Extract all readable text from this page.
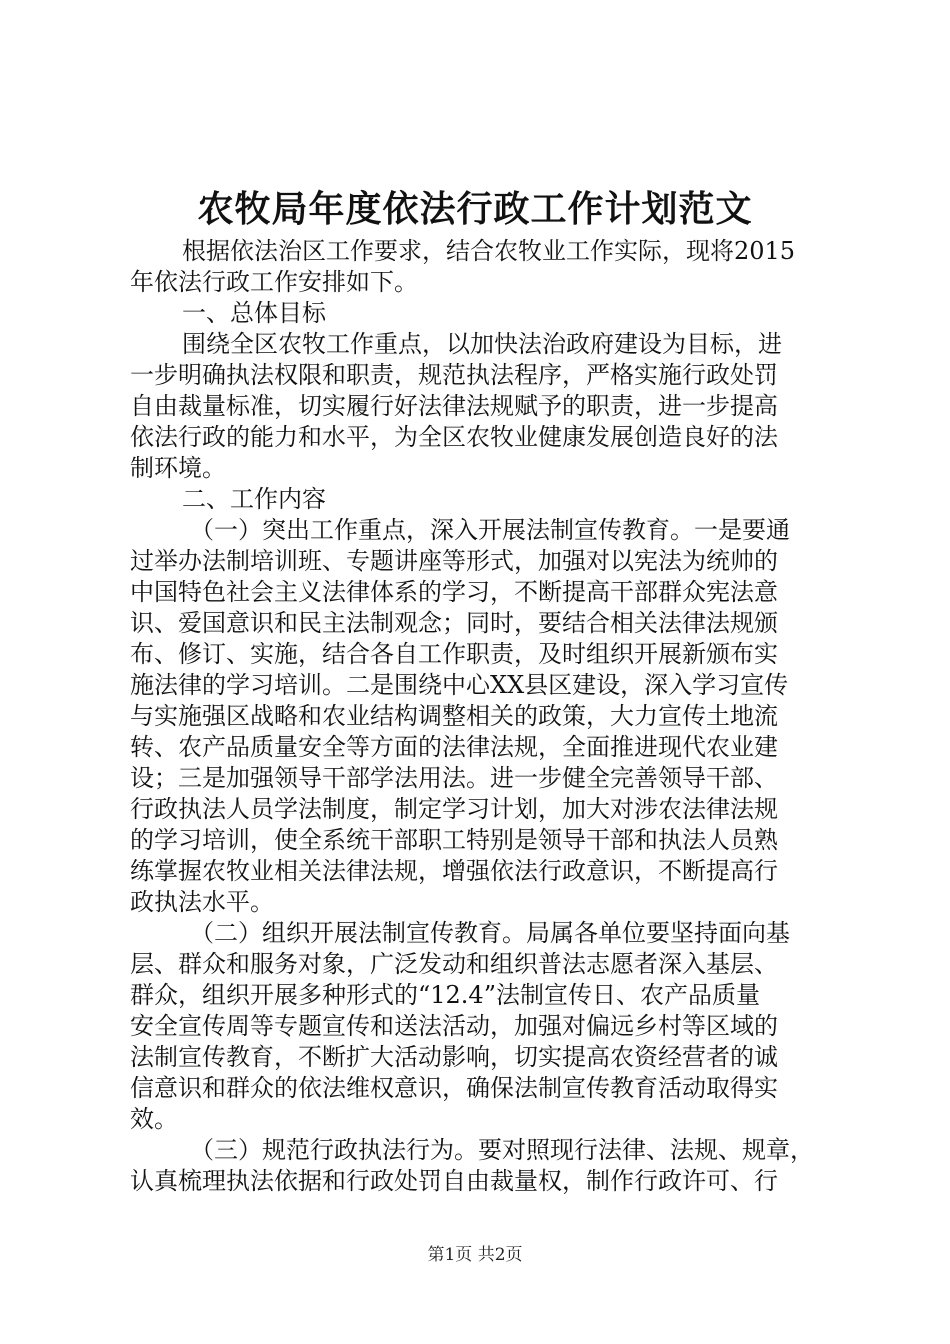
农牧局年度依法行政工作计划范文
根据依法治区工作要求，结合农牧业工作实际，现将2015
年依法行政工作安排如下。
一、总体目标
围绕全区农牧工作重点，以加快法治政府建设为目标，进
一步明确执法权限和职责，规范执法程序，严格实施行政处罚
自由裁量标准，切实履行好法律法规赋予的职责，进一步提高
依法行政的能力和水平，为全区农牧业健康发展创造良好的法
制环境。
二、工作内容
（一）突出工作重点，深入开展法制宣传教育。一是要通
过举办法制培训班、专题讲座等形式，加强对以宪法为统帅的
中国特色社会主义法律体系的学习，不断提高干部群众宪法意
识、爱国意识和民主法制观念；同时，要结合相关法律法规颁
布、修订、实施，结合各自工作职责，及时组织开展新颁布实
施法律的学习培训。二是围绕中心XX县区建设，深入学习宣传
与实施强区战略和农业结构调整相关的政策，大力宣传土地流
转、农产品质量安全等方面的法律法规，全面推进现代农业建
设；三是加强领导干部学法用法。进一步健全完善领导干部、
行政执法人员学法制度，制定学习计划，加大对涉农法律法规
的学习培训，使全系统干部职工特别是领导干部和执法人员熟
练掌握农牧业相关法律法规，增强依法行政意识，不断提高行
政执法水平。
（二）组织开展法制宣传教育。局属各单位要坚持面向基
层、群众和服务对象，广泛发动和组织普法志愿者深入基层、
群众，组织开展多种形式的“12.4”法制宣传日、农产品质量
安全宣传周等专题宣传和送法活动，加强对偏远乡村等区域的
法制宣传教育，不断扩大活动影响，切实提高农资经营者的诚
信意识和群众的依法维权意识，确保法制宣传教育活动取得实
效。
（三）规范行政执法行为。要对照现行法律、法规、规章，
认真梳理执法依据和行政处罚自由裁量权，制作行政许可、行
第1页 共2页
